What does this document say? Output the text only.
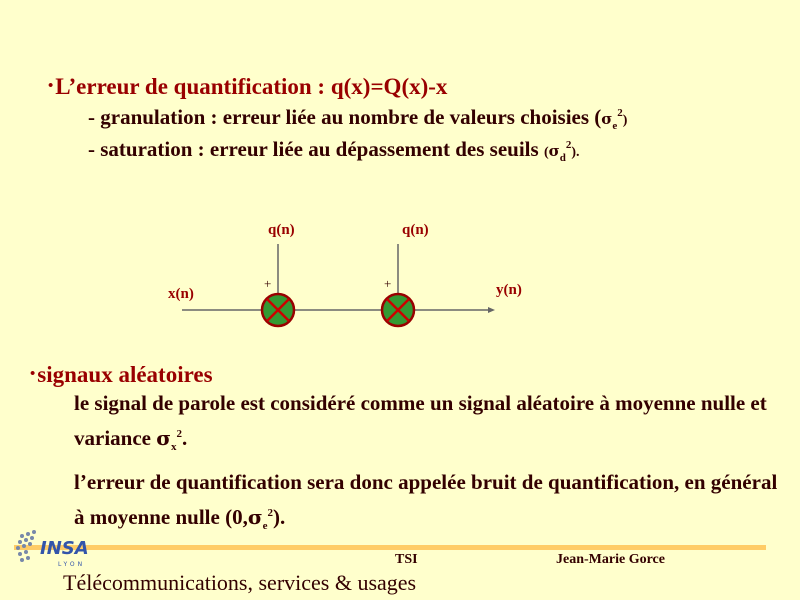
•L’erreur de quantification : q(x)=Q(x)-x
- granulation : erreur liée au nombre de valeurs choisies $(\sigma_e^2)$
- saturation : erreur liée au dépassement des seuils $(\sigma_d^2)$.
q(n)	q(n)
x(n)	y(n)
+	+
•signaux aléatoires
le signal de parole est considéré comme un signal aléatoire à moyenne nulle et variance $\sigma_x^2$.
l’erreur de quantification sera donc appelée bruit de quantification, en général à moyenne nulle $(0,\sigma_e^2)$.
INSA
LYON	TSI	Jean-Marie Gorce
Télécommunications, services & usages
